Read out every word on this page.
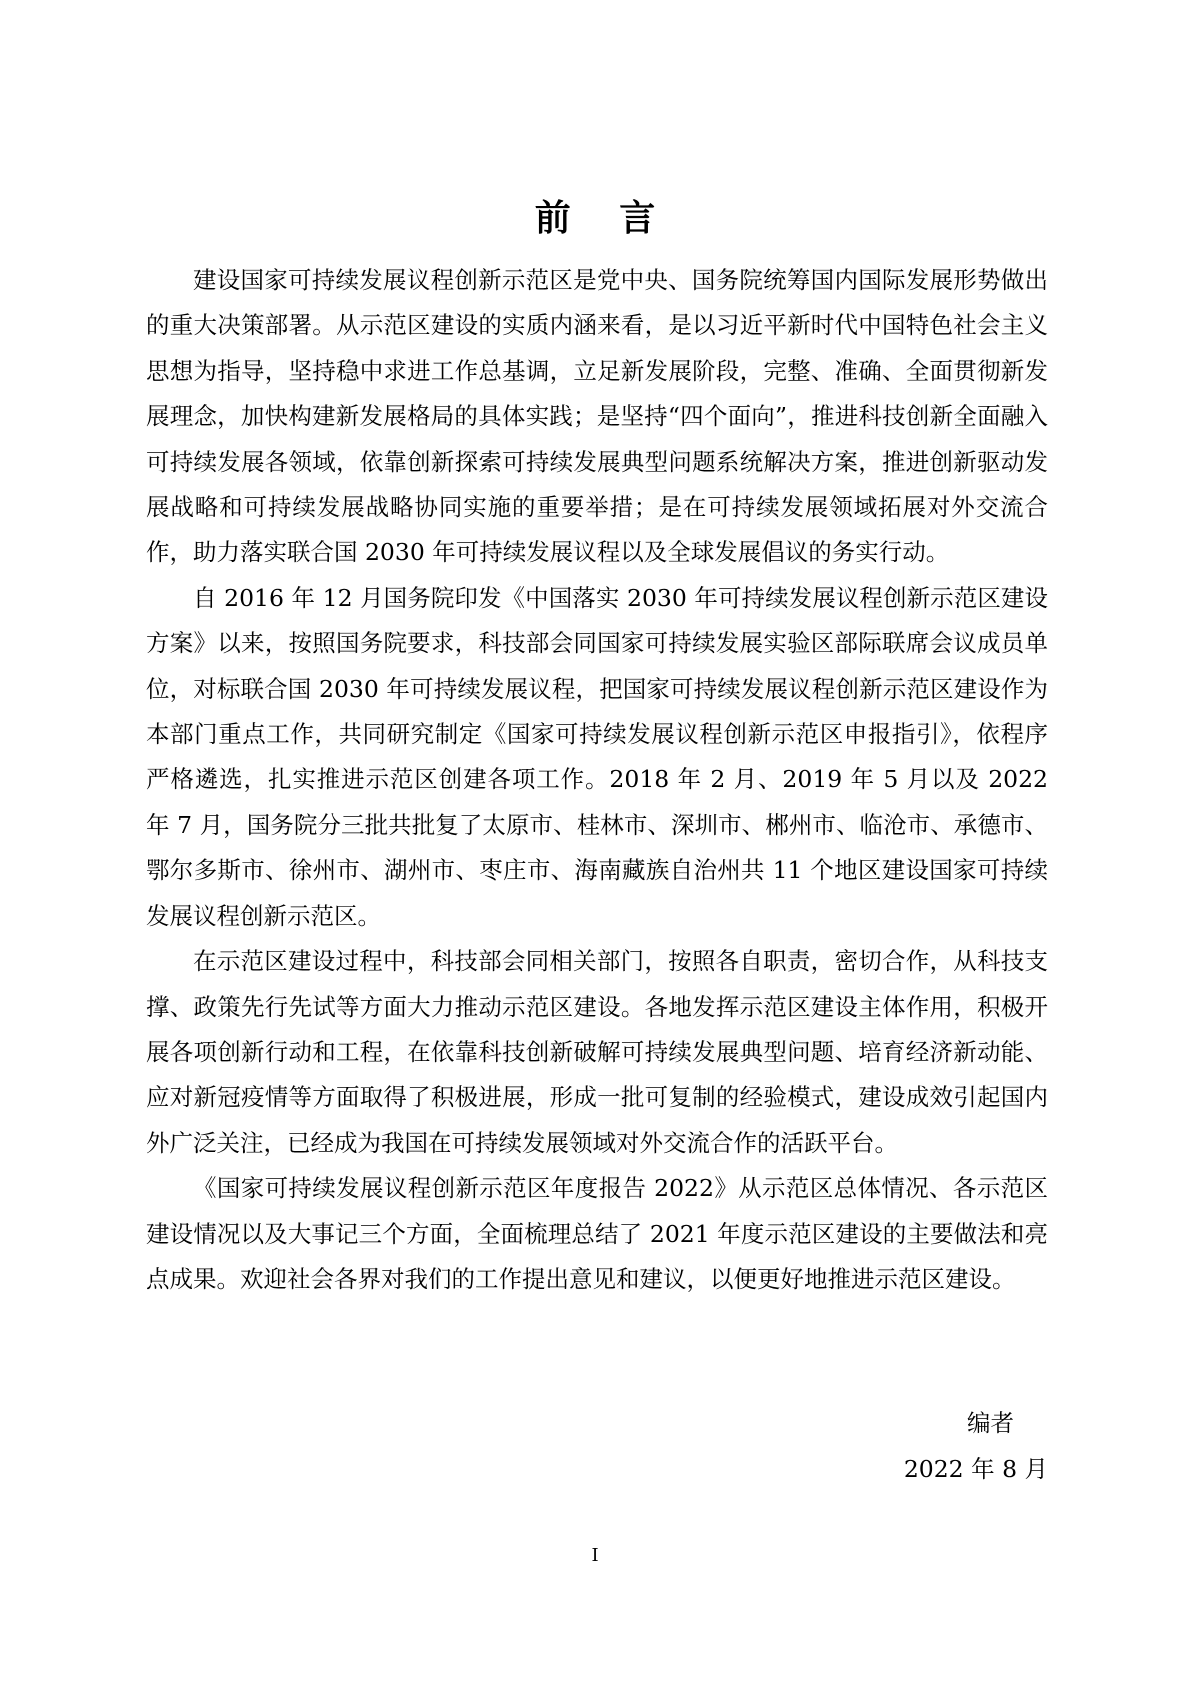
前 言

建设国家可持续发展议程创新示范区是党中央、国务院统筹国内国际发展形势做出的重大决策部署。从示范区建设的实质内涵来看，是以习近平新时代中国特色社会主义思想为指导，坚持稳中求进工作总基调，立足新发展阶段，完整、准确、全面贯彻新发展理念，加快构建新发展格局的具体实践；是坚持“四个面向”，推进科技创新全面融入可持续发展各领域，依靠创新探索可持续发展典型问题系统解决方案，推进创新驱动发展战略和可持续发展战略协同实施的重要举措；是在可持续发展领域拓展对外交流合作，助力落实联合国 2030 年可持续发展议程以及全球发展倡议的务实行动。

自 2016 年 12 月国务院印发《中国落实 2030 年可持续发展议程创新示范区建设方案》以来，按照国务院要求，科技部会同国家可持续发展实验区部际联席会议成员单位，对标联合国 2030 年可持续发展议程，把国家可持续发展议程创新示范区建设作为本部门重点工作，共同研究制定《国家可持续发展议程创新示范区申报指引》，依程序严格遴选，扎实推进示范区创建各项工作。2018 年 2 月、2019 年 5 月以及 2022 年 7 月，国务院分三批共批复了太原市、桂林市、深圳市、郴州市、临沧市、承德市、鄂尔多斯市、徐州市、湖州市、枣庄市、海南藏族自治州共 11 个地区建设国家可持续发展议程创新示范区。

在示范区建设过程中，科技部会同相关部门，按照各自职责，密切合作，从科技支撑、政策先行先试等方面大力推动示范区建设。各地发挥示范区建设主体作用，积极开展各项创新行动和工程，在依靠科技创新破解可持续发展典型问题、培育经济新动能、应对新冠疫情等方面取得了积极进展，形成一批可复制的经验模式，建设成效引起国内外广泛关注，已经成为我国在可持续发展领域对外交流合作的活跃平台。

《国家可持续发展议程创新示范区年度报告 2022》从示范区总体情况、各示范区建设情况以及大事记三个方面，全面梳理总结了 2021 年度示范区建设的主要做法和亮点成果。欢迎社会各界对我们的工作提出意见和建议，以便更好地推进示范区建设。

编者
2022 年 8 月
I
